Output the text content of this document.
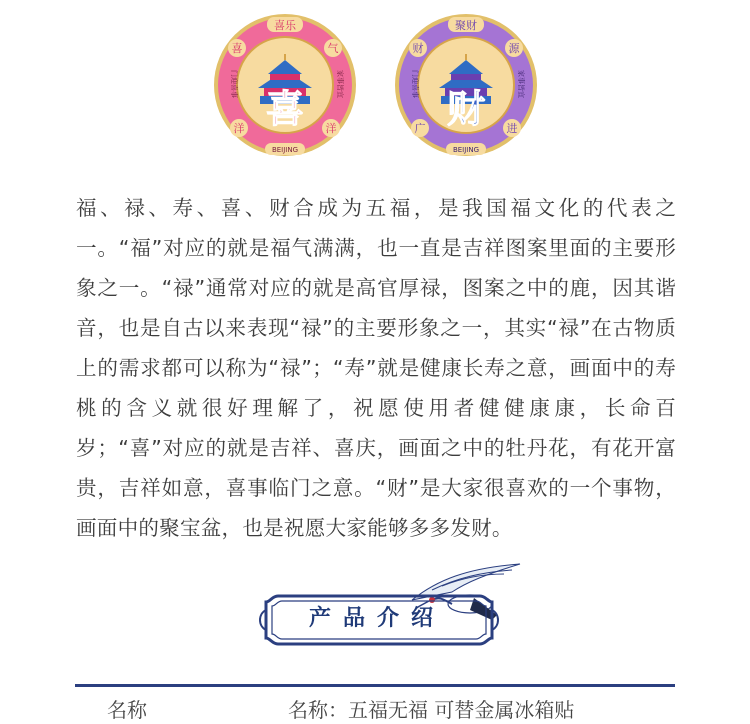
喜
喜乐
喜	气
洋	洋
门迎喜事	家事皆宜
BEIJING
财
聚财
财	源
广	进
门迎喜事	家事皆宜
BEIJING

福、禄、寿、喜、财合成为五福，是我国福文化的代表之一。“福”对应的就是福气满满，也一直是吉祥图案里面的主要形象之一。“禄”通常对应的就是高官厚禄，图案之中的鹿，因其谐音，也是自古以来表现“禄”的主要形象之一，其实“禄”在古物质上的需求都可以称为“禄”；“寿”就是健康长寿之意，画面中的寿桃的含义就很好理解了，祝愿使用者健健康康，长命百岁；“喜”对应的就是吉祥、喜庆，画面之中的牡丹花，有花开富贵，吉祥如意，喜事临门之意。“财”是大家很喜欢的一个事物，画面中的聚宝盆，也是祝愿大家能够多多发财。

产品介绍
名称	名称：五福无福 可替金属冰箱贴
